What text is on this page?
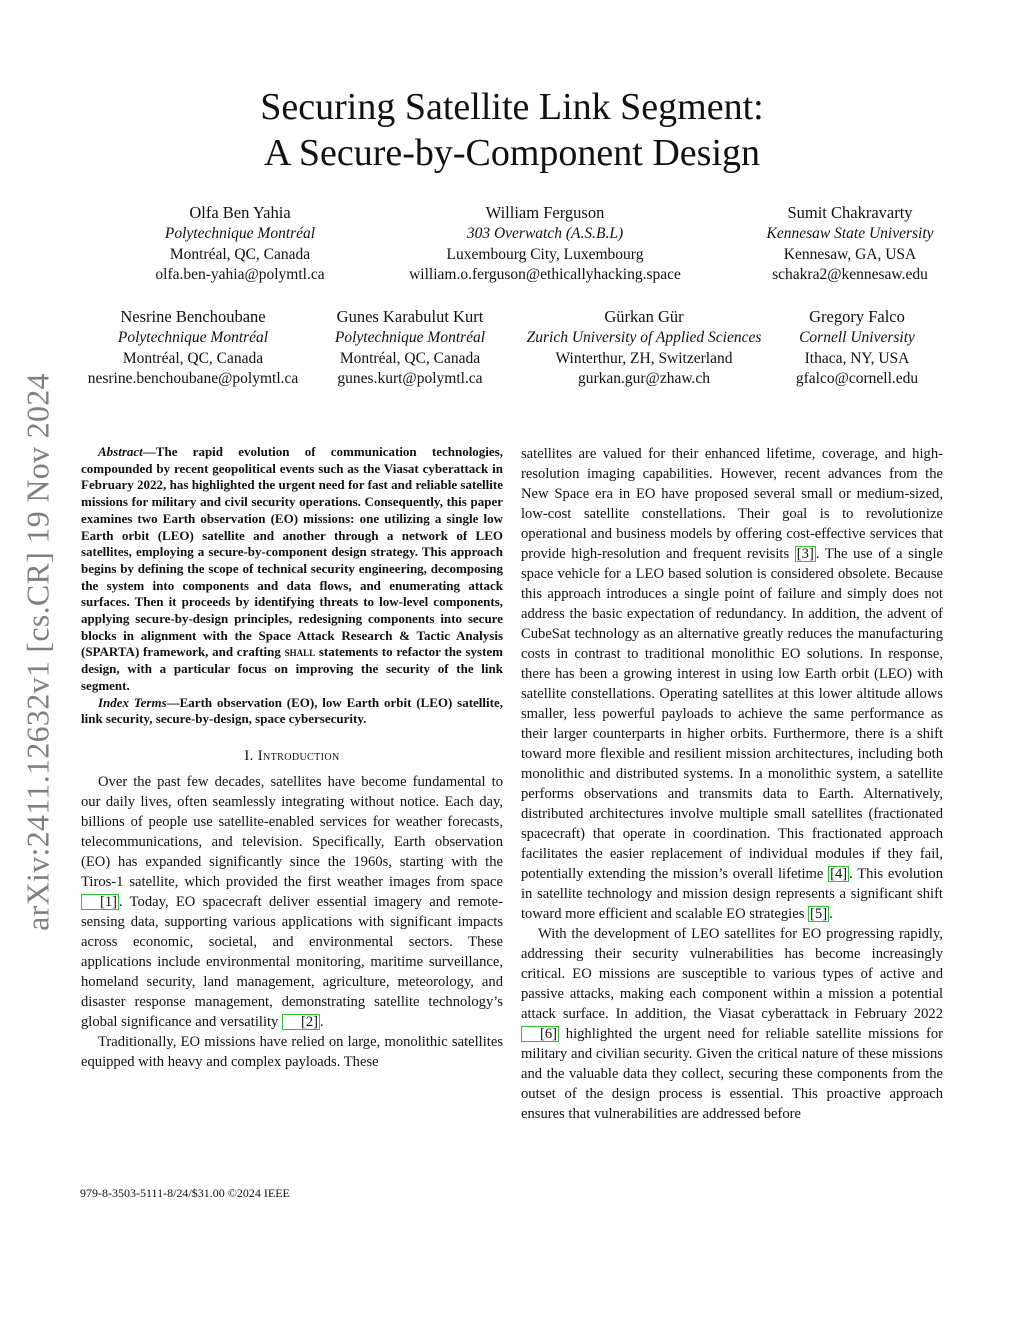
arXiv:2411.12632v1 [cs.CR] 19 Nov 2024
Securing Satellite Link Segment:
A Secure-by-Component Design
Olfa Ben Yahia
Polytechnique Montréal
Montréal, QC, Canada
olfa.ben-yahia@polymtl.ca
William Ferguson
303 Overwatch (A.S.B.L)
Luxembourg City, Luxembourg
william.o.ferguson@ethicallyhacking.space
Sumit Chakravarty
Kennesaw State University
Kennesaw, GA, USA
schakra2@kennesaw.edu
Nesrine Benchoubane
Polytechnique Montréal
Montréal, QC, Canada
nesrine.benchoubane@polymtl.ca
Gunes Karabulut Kurt
Polytechnique Montréal
Montréal, QC, Canada
gunes.kurt@polymtl.ca
Gürkan Gür
Zurich University of Applied Sciences
Winterthur, ZH, Switzerland
gurkan.gur@zhaw.ch
Gregory Falco
Cornell University
Ithaca, NY, USA
gfalco@cornell.edu

Abstract—The rapid evolution of communication technologies, compounded by recent geopolitical events such as the Viasat cyberattack in February 2022, has highlighted the urgent need for fast and reliable satellite missions for military and civil security operations. Consequently, this paper examines two Earth observation (EO) missions: one utilizing a single low Earth orbit (LEO) satellite and another through a network of LEO satellites, employing a secure-by-component design strategy. This approach begins by defining the scope of technical security engineering, decomposing the system into components and data flows, and enumerating attack surfaces. Then it proceeds by identifying threats to low-level components, applying secure-by-design principles, redesigning components into secure blocks in alignment with the Space Attack Research & Tactic Analysis (SPARTA) framework, and crafting shall statements to refactor the system design, with a particular focus on improving the security of the link segment.

Index Terms—Earth observation (EO), low Earth orbit (LEO) satellite, link security, secure-by-design, space cybersecurity.

I. Introduction

Over the past few decades, satellites have become fundamental to our daily lives, often seamlessly integrating without notice. Each day, billions of people use satellite-enabled services for weather forecasts, telecommunications, and television. Specifically, Earth observation (EO) has expanded significantly since the 1960s, starting with the Tiros-1 satellite, which provided the first weather images from space [1] . Today, EO spacecraft deliver essential imagery and remote-sensing data, supporting various applications with significant impacts across economic, societal, and environmental sectors. These applications include environmental monitoring, maritime surveillance, homeland security, land management, agriculture, meteorology, and disaster response management, demonstrating satellite technology’s global significance and versatility [2] .

Traditionally, EO missions have relied on large, monolithic satellites equipped with heavy and complex payloads. These

satellites are valued for their enhanced lifetime, coverage, and high-resolution imaging capabilities. However, recent advances from the New Space era in EO have proposed several small or medium-sized, low-cost satellite constellations. Their goal is to revolutionize operational and business models by offering cost-effective services that provide high-resolution and frequent revisits [3] . The use of a single space vehicle for a LEO based solution is considered obsolete. Because this approach introduces a single point of failure and simply does not address the basic expectation of redundancy. In addition, the advent of CubeSat technology as an alternative greatly reduces the manufacturing costs in contrast to traditional monolithic EO solutions. In response, there has been a growing interest in using low Earth orbit (LEO) with satellite constellations. Operating satellites at this lower altitude allows smaller, less powerful payloads to achieve the same performance as their larger counterparts in higher orbits. Furthermore, there is a shift toward more flexible and resilient mission architectures, including both monolithic and distributed systems. In a monolithic system, a satellite performs observations and transmits data to Earth. Alternatively, distributed architectures involve multiple small satellites (fractionated spacecraft) that operate in coordination. This fractionated approach facilitates the easier replacement of individual modules if they fail, potentially extending the mission’s overall lifetime [4] . This evolution in satellite technology and mission design represents a significant shift toward more efficient and scalable EO strategies [5] .

With the development of LEO satellites for EO progressing rapidly, addressing their security vulnerabilities has become increasingly critical. EO missions are susceptible to various types of active and passive attacks, making each component within a mission a potential attack surface. In addition, the Viasat cyberattack in February 2022 [6] highlighted the urgent need for reliable satellite missions for military and civilian security. Given the critical nature of these missions and the valuable data they collect, securing these components from the outset of the design process is essential. This proactive approach ensures that vulnerabilities are addressed before

979-8-3503-5111-8/24/$31.00 ©2024 IEEE
